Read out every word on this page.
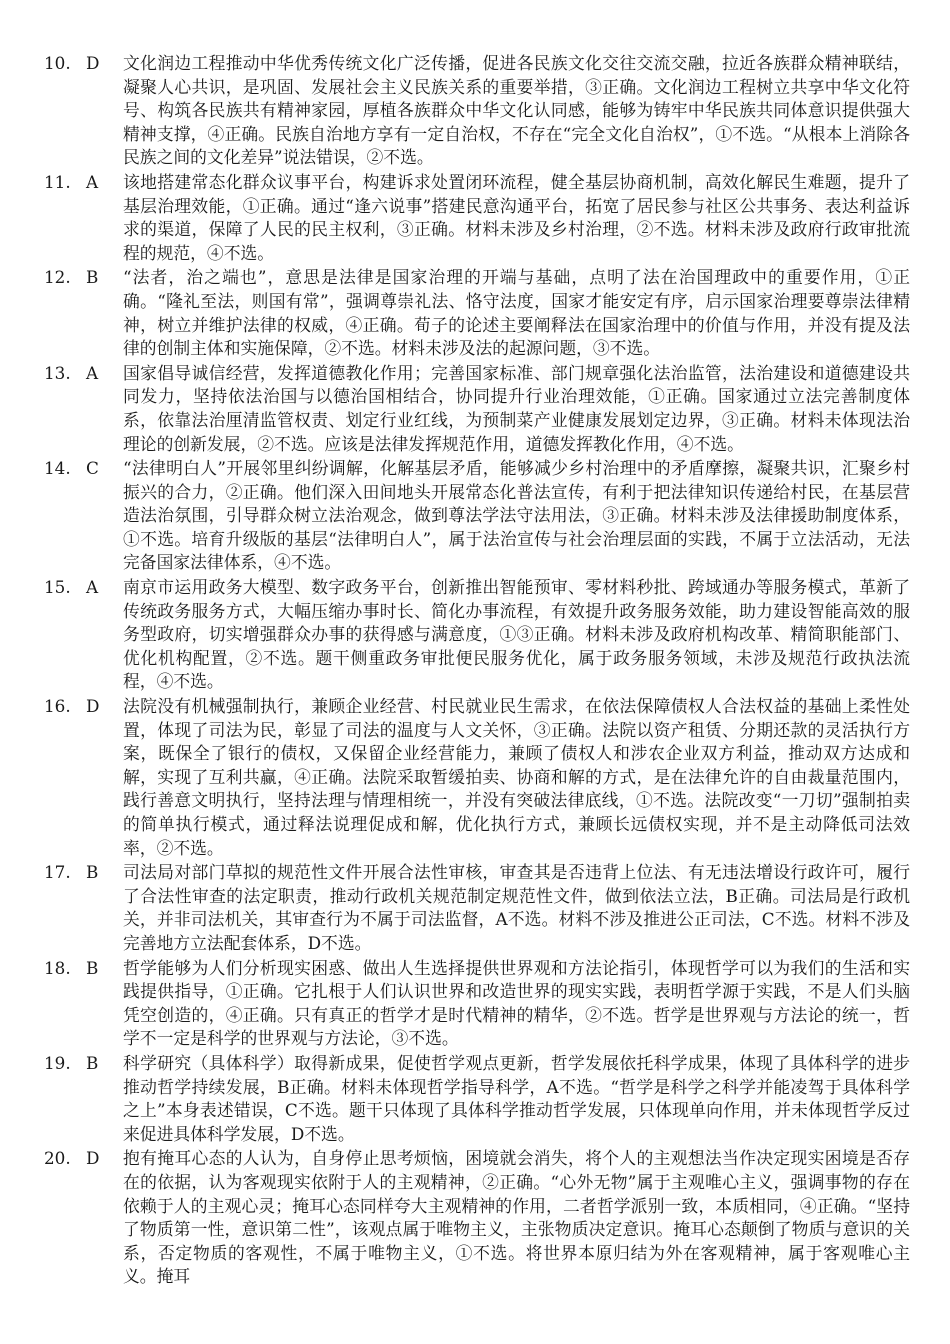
10. D	文化润边工程推动中华优秀传统文化广泛传播，促进各民族文化交往交流交融，拉近各族群众精神联结，凝聚人心共识，是巩固、发展社会主义民族关系的重要举措，③正确。文化润边工程树立共享中华文化符号、构筑各民族共有精神家园，厚植各族群众中华文化认同感，能够为铸牢中华民族共同体意识提供强大精神支撑，④正确。民族自治地方享有一定自治权，不存在“完全文化自治权”，①不选。“从根本上消除各民族之间的文化差异”说法错误，②不选。
11. A	该地搭建常态化群众议事平台，构建诉求处置闭环流程，健全基层协商机制，高效化解民生难题，提升了基层治理效能，①正确。通过“逢六说事”搭建民意沟通平台，拓宽了居民参与社区公共事务、表达利益诉求的渠道，保障了人民的民主权利，③正确。材料未涉及乡村治理，②不选。材料未涉及政府行政审批流程的规范，④不选。
12. B	“法者，治之端也”，意思是法律是国家治理的开端与基础，点明了法在治国理政中的重要作用，①正确。“隆礼至法，则国有常”，强调尊崇礼法、恪守法度，国家才能安定有序，启示国家治理要尊崇法律精神，树立并维护法律的权威，④正确。荀子的论述主要阐释法在国家治理中的价值与作用，并没有提及法律的创制主体和实施保障，②不选。材料未涉及法的起源问题，③不选。
13. A	国家倡导诚信经营，发挥道德教化作用；完善国家标准、部门规章强化法治监管，法治建设和道德建设共同发力，坚持依法治国与以德治国相结合，协同提升行业治理效能，①正确。国家通过立法完善制度体系，依靠法治厘清监管权责、划定行业红线，为预制菜产业健康发展划定边界，③正确。材料未体现法治理论的创新发展，②不选。应该是法律发挥规范作用，道德发挥教化作用，④不选。
14. C	“法律明白人”开展邻里纠纷调解，化解基层矛盾，能够减少乡村治理中的矛盾摩擦，凝聚共识，汇聚乡村振兴的合力，②正确。他们深入田间地头开展常态化普法宣传，有利于把法律知识传递给村民，在基层营造法治氛围，引导群众树立法治观念，做到尊法学法守法用法，③正确。材料未涉及法律援助制度体系，①不选。培育升级版的基层“法律明白人”，属于法治宣传与社会治理层面的实践，不属于立法活动，无法完备国家法律体系，④不选。
15. A	南京市运用政务大模型、数字政务平台，创新推出智能预审、零材料秒批、跨域通办等服务模式，革新了传统政务服务方式，大幅压缩办事时长、简化办事流程，有效提升政务服务效能，助力建设智能高效的服务型政府，切实增强群众办事的获得感与满意度，①③正确。材料未涉及政府机构改革、精简职能部门、优化机构配置，②不选。题干侧重政务审批便民服务优化，属于政务服务领域，未涉及规范行政执法流程，④不选。
16. D	法院没有机械强制执行，兼顾企业经营、村民就业民生需求，在依法保障债权人合法权益的基础上柔性处置，体现了司法为民，彰显了司法的温度与人文关怀，③正确。法院以资产租赁、分期还款的灵活执行方案，既保全了银行的债权，又保留企业经营能力，兼顾了债权人和涉农企业双方利益，推动双方达成和解，实现了互利共赢，④正确。法院采取暂缓拍卖、协商和解的方式，是在法律允许的自由裁量范围内，践行善意文明执行，坚持法理与情理相统一，并没有突破法律底线，①不选。法院改变“一刀切”强制拍卖的简单执行模式，通过释法说理促成和解，优化执行方式，兼顾长远债权实现，并不是主动降低司法效率，②不选。
17. B	司法局对部门草拟的规范性文件开展合法性审核，审查其是否违背上位法、有无违法增设行政许可，履行了合法性审查的法定职责，推动行政机关规范制定规范性文件，做到依法立法，B正确。司法局是行政机关，并非司法机关，其审查行为不属于司法监督，A不选。材料不涉及推进公正司法，C不选。材料不涉及完善地方立法配套体系，D不选。
18. B	哲学能够为人们分析现实困惑、做出人生选择提供世界观和方法论指引，体现哲学可以为我们的生活和实践提供指导，①正确。它扎根于人们认识世界和改造世界的现实实践，表明哲学源于实践，不是人们头脑凭空创造的，④正确。只有真正的哲学才是时代精神的精华，②不选。哲学是世界观与方法论的统一，哲学不一定是科学的世界观与方法论，③不选。
19. B	科学研究（具体科学）取得新成果，促使哲学观点更新，哲学发展依托科学成果，体现了具体科学的进步推动哲学持续发展，B正确。材料未体现哲学指导科学，A不选。“哲学是科学之科学并能凌驾于具体科学之上”本身表述错误，C不选。题干只体现了具体科学推动哲学发展，只体现单向作用，并未体现哲学反过来促进具体科学发展，D不选。
20. D	抱有掩耳心态的人认为，自身停止思考烦恼，困境就会消失，将个人的主观想法当作决定现实困境是否存在的依据，认为客观现实依附于人的主观精神，②正确。“心外无物”属于主观唯心主义，强调事物的存在依赖于人的主观心灵；掩耳心态同样夸大主观精神的作用，二者哲学派别一致，本质相同，④正确。“坚持了物质第一性，意识第二性”，该观点属于唯物主义，主张物质决定意识。掩耳心态颠倒了物质与意识的关系，否定物质的客观性，不属于唯物主义，①不选。将世界本原归结为外在客观精神，属于客观唯心主义。掩耳
